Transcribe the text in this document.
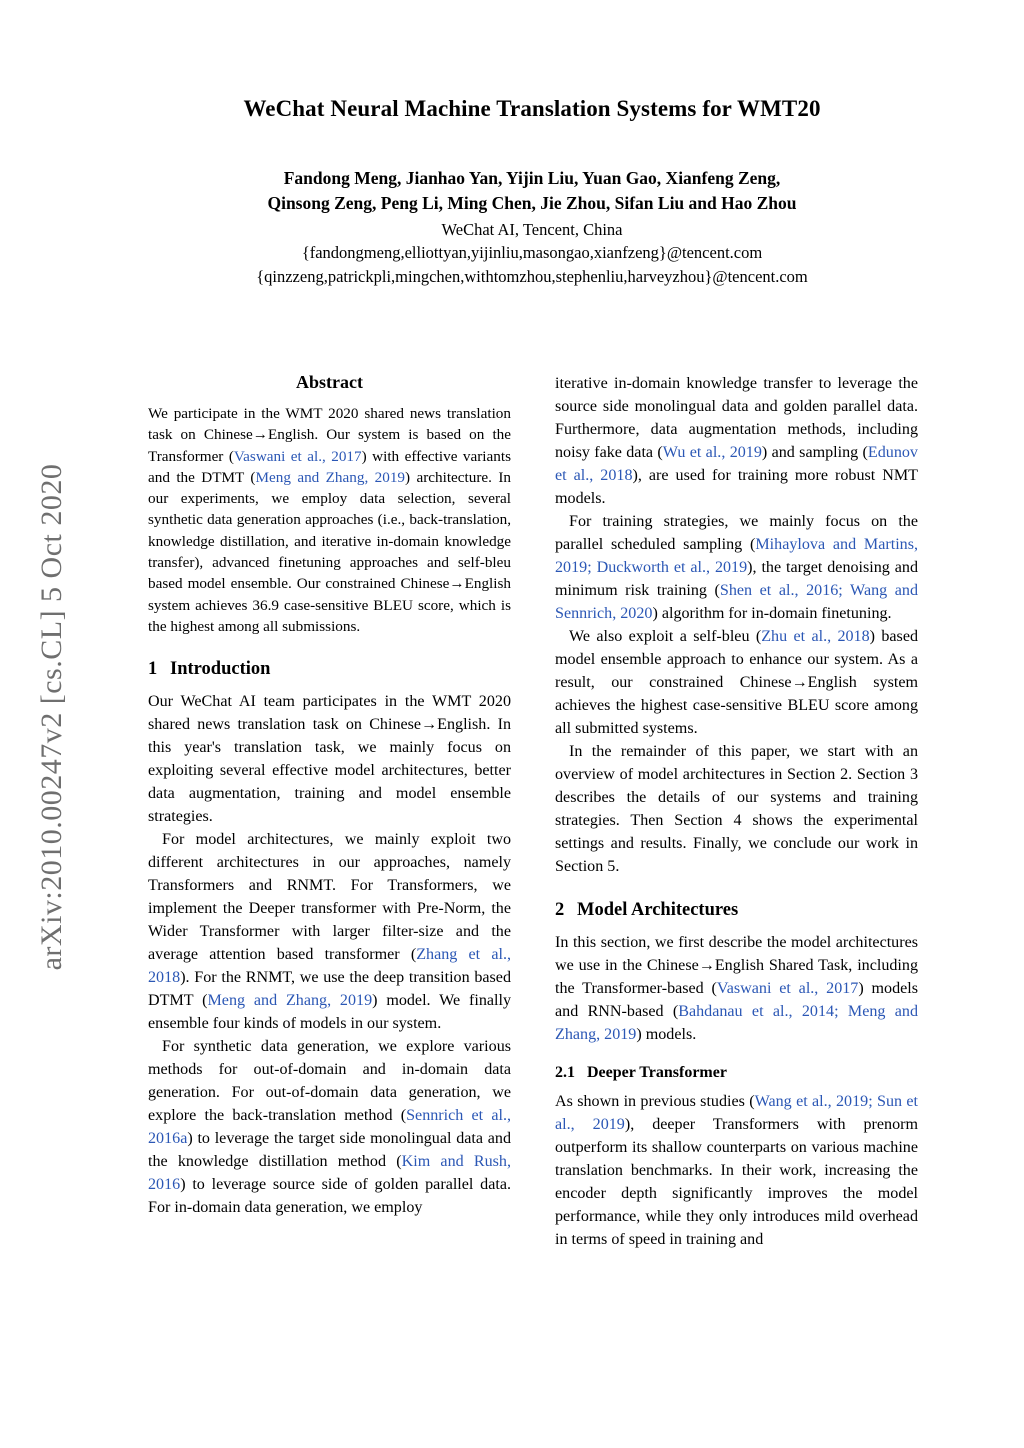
arXiv:2010.00247v2 [cs.CL] 5 Oct 2020
WeChat Neural Machine Translation Systems for WMT20
Fandong Meng, Jianhao Yan, Yijin Liu, Yuan Gao, Xianfeng Zeng,
Qinsong Zeng, Peng Li, Ming Chen, Jie Zhou, Sifan Liu and Hao Zhou
WeChat AI, Tencent, China
{fandongmeng,elliottyan,yijinliu,masongao,xianfzeng}@tencent.com
{qinzzeng,patrickpli,mingchen,withtomzhou,stephenliu,harveyzhou}@tencent.com
Abstract

We participate in the WMT 2020 shared news translation task on Chinese→English. Our system is based on the Transformer (Vaswani et al., 2017) with effective variants and the DTMT (Meng and Zhang, 2019) architecture. In our experiments, we employ data selection, several synthetic data generation approaches (i.e., back-translation, knowledge distillation, and iterative in-domain knowledge transfer), advanced finetuning approaches and self-bleu based model ensemble. Our constrained Chinese→English system achieves 36.9 case-sensitive BLEU score, which is the highest among all submissions.

1 Introduction

Our WeChat AI team participates in the WMT 2020 shared news translation task on Chinese→English. In this year's translation task, we mainly focus on exploiting several effective model architectures, better data augmentation, training and model ensemble strategies.

For model architectures, we mainly exploit two different architectures in our approaches, namely Transformers and RNMT. For Transformers, we implement the Deeper transformer with Pre-Norm, the Wider Transformer with larger filter-size and the average attention based transformer (Zhang et al., 2018). For the RNMT, we use the deep transition based DTMT (Meng and Zhang, 2019) model. We finally ensemble four kinds of models in our system.

For synthetic data generation, we explore various methods for out-of-domain and in-domain data generation. For out-of-domain data generation, we explore the back-translation method (Sennrich et al., 2016a) to leverage the target side monolingual data and the knowledge distillation method (Kim and Rush, 2016) to leverage source side of golden parallel data. For in-domain data generation, we employ

iterative in-domain knowledge transfer to leverage the source side monolingual data and golden parallel data. Furthermore, data augmentation methods, including noisy fake data (Wu et al., 2019) and sampling (Edunov et al., 2018), are used for training more robust NMT models.

For training strategies, we mainly focus on the parallel scheduled sampling (Mihaylova and Martins, 2019; Duckworth et al., 2019), the target denoising and minimum risk training (Shen et al., 2016; Wang and Sennrich, 2020) algorithm for in-domain finetuning.

We also exploit a self-bleu (Zhu et al., 2018) based model ensemble approach to enhance our system. As a result, our constrained Chinese→English system achieves the highest case-sensitive BLEU score among all submitted systems.

In the remainder of this paper, we start with an overview of model architectures in Section 2. Section 3 describes the details of our systems and training strategies. Then Section 4 shows the experimental settings and results. Finally, we conclude our work in Section 5.

2 Model Architectures

In this section, we first describe the model architectures we use in the Chinese→English Shared Task, including the Transformer-based (Vaswani et al., 2017) models and RNN-based (Bahdanau et al., 2014; Meng and Zhang, 2019) models.

2.1 Deeper Transformer

As shown in previous studies (Wang et al., 2019; Sun et al., 2019), deeper Transformers with prenorm outperform its shallow counterparts on various machine translation benchmarks. In their work, increasing the encoder depth significantly improves the model performance, while they only introduces mild overhead in terms of speed in training and
